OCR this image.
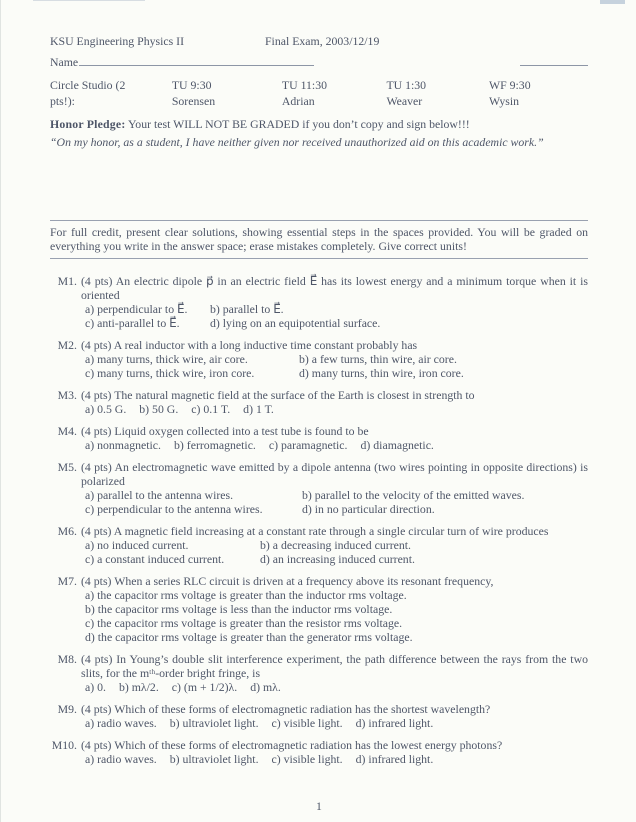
KSU Engineering Physics II	Final Exam, 2003/12/19
Name
Circle Studio (2 pts!):
TU 9:30 Sorensen
TU 11:30 Adrian
TU 1:30 Weaver
WF 9:30 Wysin

Honor Pledge: Your test WILL NOT BE GRADED if you don’t copy and sign below!!!

“On my honor, as a student, I have neither given nor received unauthorized aid on this academic work.”

For full credit, present clear solutions, showing essential steps in the spaces provided. You will be graded on everything you write in the answer space; erase mistakes completely. Give correct units!

M1. (4 pts) An electric dipole p⃗ in an electric field E⃗ has its lowest energy and a minimum torque when it is oriented
a) perpendicular to E⃗. b) parallel to E⃗.
c) anti-parallel to E⃗.	d) lying on an equipotential surface.
M2. (4 pts) A real inductor with a long inductive time constant probably has
a) many turns, thick wire, air core.	b) a few turns, thin wire, air core.
c) many turns, thick wire, iron core.	d) many turns, thin wire, iron core.
M3. (4 pts) The natural magnetic field at the surface of the Earth is closest in strength to
a) 0.5 G. b) 50 G. c) 0.1 T. d) 1 T.
M4. (4 pts) Liquid oxygen collected into a test tube is found to be
a) nonmagnetic. b) ferromagnetic. c) paramagnetic. d) diamagnetic.
M5. (4 pts) An electromagnetic wave emitted by a dipole antenna (two wires pointing in opposite directions) is polarized
a) parallel to the antenna wires.	b) parallel to the velocity of the emitted waves.
c) perpendicular to the antenna wires.	d) in no particular direction.
M6. (4 pts) A magnetic field increasing at a constant rate through a single circular turn of wire produces
a) no induced current.	b) a decreasing induced current.
c) a constant induced current.	d) an increasing induced current.
M7. (4 pts) When a series RLC circuit is driven at a frequency above its resonant frequency,
a) the capacitor rms voltage is greater than the inductor rms voltage.
b) the capacitor rms voltage is less than the inductor rms voltage.
c) the capacitor rms voltage is greater than the resistor rms voltage.
d) the capacitor rms voltage is greater than the generator rms voltage.
M8. (4 pts) In Young’s double slit interference experiment, the path difference between the rays from the two slits, for the mᵗʰ-order bright fringe, is
a) 0. b) mλ/2. c) (m + 1/2)λ. d) mλ.
M9. (4 pts) Which of these forms of electromagnetic radiation has the shortest wavelength?
a) radio waves. b) ultraviolet light. c) visible light. d) infrared light.
M10. (4 pts) Which of these forms of electromagnetic radiation has the lowest energy photons?
a) radio waves. b) ultraviolet light. c) visible light. d) infrared light.
1
